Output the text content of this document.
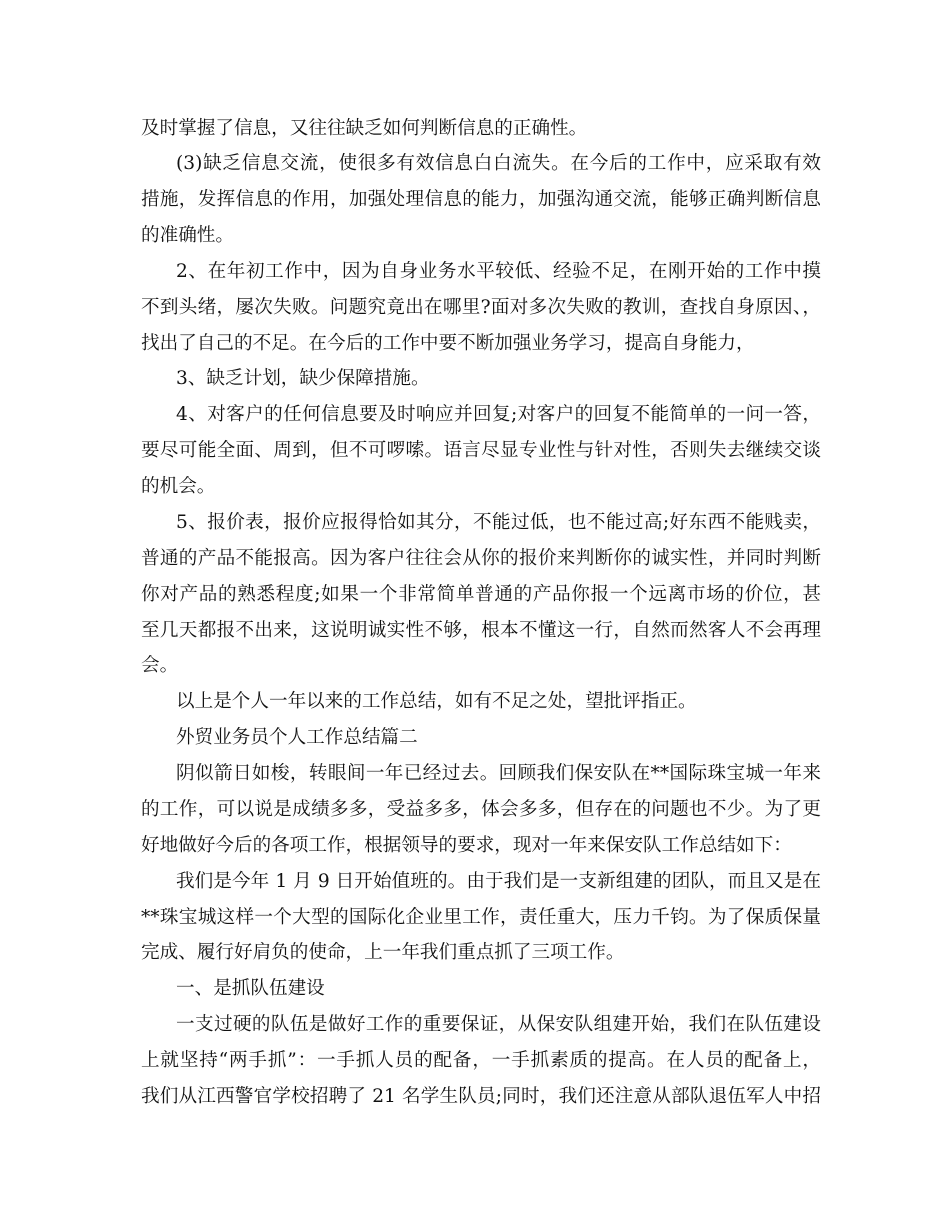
及时掌握了信息，又往往缺乏如何判断信息的正确性。
(3)缺乏信息交流，使很多有效信息白白流失。在今后的工作中，应采取有效
措施，发挥信息的作用，加强处理信息的能力，加强沟通交流，能够正确判断信息
的准确性。
2、在年初工作中，因为自身业务水平较低、经验不足，在刚开始的工作中摸
不到头绪，屡次失败。问题究竟出在哪里?面对多次失败的教训，查找自身原因、，
找出了自己的不足。在今后的工作中要不断加强业务学习，提高自身能力，
3、缺乏计划，缺少保障措施。
4、对客户的任何信息要及时响应并回复;对客户的回复不能简单的一问一答，
要尽可能全面、周到，但不可啰嗦。语言尽显专业性与针对性，否则失去继续交谈
的机会。
5、报价表，报价应报得恰如其分，不能过低，也不能过高;好东西不能贱卖，
普通的产品不能报高。因为客户往往会从你的报价来判断你的诚实性，并同时判断
你对产品的熟悉程度;如果一个非常简单普通的产品你报一个远离市场的价位，甚
至几天都报不出来，这说明诚实性不够，根本不懂这一行，自然而然客人不会再理
会。
以上是个人一年以来的工作总结，如有不足之处，望批评指正。
外贸业务员个人工作总结篇二
阴似箭日如梭，转眼间一年已经过去。回顾我们保安队在**国际珠宝城一年来
的工作，可以说是成绩多多，受益多多，体会多多，但存在的问题也不少。为了更
好地做好今后的各项工作，根据领导的要求，现对一年来保安队工作总结如下：
我们是今年 1 月 9 日开始值班的。由于我们是一支新组建的团队，而且又是在
**珠宝城这样一个大型的国际化企业里工作，责任重大，压力千钧。为了保质保量
完成、履行好肩负的使命，上一年我们重点抓了三项工作。
一、是抓队伍建设
一支过硬的队伍是做好工作的重要保证，从保安队组建开始，我们在队伍建设
上就坚持“两手抓”：一手抓人员的配备，一手抓素质的提高。在人员的配备上，
我们从江西警官学校招聘了 21 名学生队员;同时，我们还注意从部队退伍军人中招
